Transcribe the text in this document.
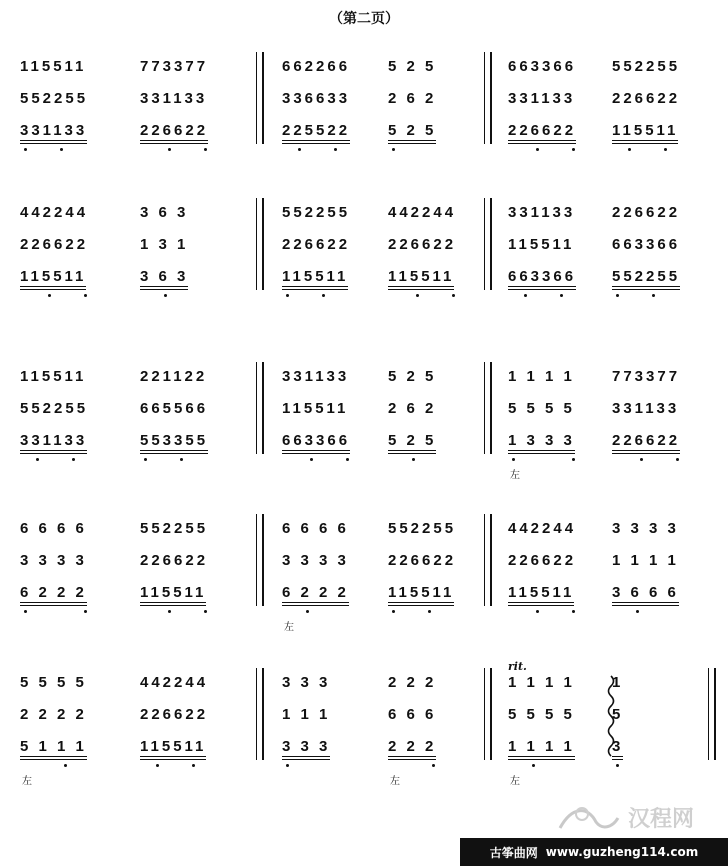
（第二页）
115511
552255
331133
773377
331133
226622
662266
336633
225522
5 2 5
2 6 2
5 2 5
663366
331133
226622
552255
226622
115511
442244
226622
115511
3 6 3
1 3 1
3 6 3
552255
226622
115511
442244
226622
115511
331133
115511
663366
226622
663366
552255
115511
552255
331133
221122
665566
553355
331133
115511
663366
5 2 5
2 6 2
5 2 5
1 1 1 1
5 5 5 5
1 3 3 3
左
773377
331133
226622
6 6 6 6
3 3 3 3
6 2 2 2
552255
226622
115511
6 6 6 6
3 3 3 3
6 2 2 2
左
552255
226622
115511
442244
226622
115511
3 3 3 3
1 1 1 1
3 6 6 6
5 5 5 5
2 2 2 2
5 1 1 1
左
442244
226622
115511
3 3 3
1 1 1
3 3 3
2 2 2
6 6 6
2 2 2
左
1 1 1 1
5 5 5 5
1 1 1 1
左
1
5
3
rit.
汉程网
古筝曲网 www.guzheng114.com
